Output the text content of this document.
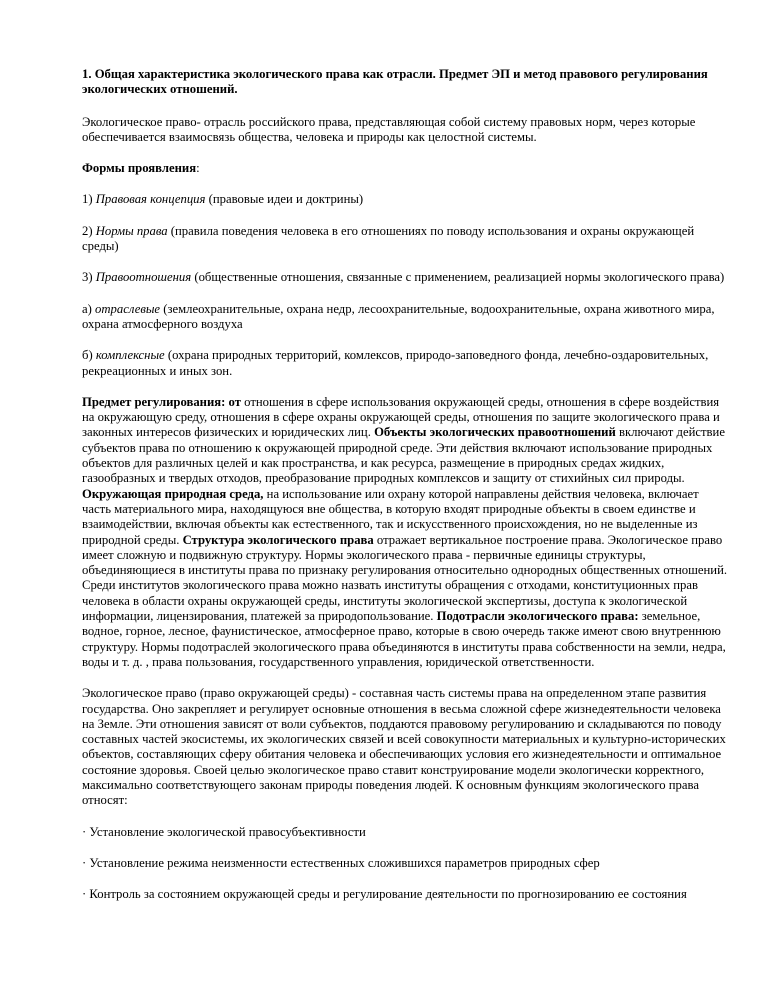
1. Общая характеристика экологического права как отрасли. Предмет ЭП и метод правового регулирования экологических отношений.

Экологическое право- отрасль российского права, представляющая собой систему правовых норм, через которые обеспечивается взаимосвязь общества, человека и природы как целостной системы.

Формы проявления:

1) Правовая концепция (правовые идеи и доктрины)

2) Нормы права (правила поведения человека в его отношениях по поводу использования и охраны окружающей среды)

3) Правоотношения (общественные отношения, связанные с применением, реализацией нормы экологического права)

а) отраслевые (землеохранительные, охрана недр, лесоохранительные, водоохранительные, охрана животного мира, охрана атмосферного воздуха

б) комплексные (охрана природных территорий, комлексов, природо-заповедного фонда, лечебно-оздаровительных, рекреационных и иных зон.

Предмет регулирования: от отношения в сфере использования окружающей среды, отношения в сфере воздействия на окружающую среду, отношения в сфере охраны окружающей среды, отношения по защите экологического права и законных интересов физических и юридических лиц. Объекты экологических правоотношений включают действие субъектов права по отношению к окружающей природной среде. Эти действия включают использование природных объектов для различных целей и как пространства, и как ресурса, размещение в природных средах жидких, газообразных и твердых отходов, преобразование природных комплексов и защиту от стихийных сил природы. Окружающая природная среда, на использование или охрану которой направлены действия человека, включает часть материального мира, находящуюся вне общества, в которую входят природные объекты в своем единстве и взаимодействии, включая объекты как естественного, так и искусственного происхождения, но не выделенные из природной среды. Структура экологического права отражает вертикальное построение права. Экологическое право имеет сложную и подвижную структуру. Нормы экологического права - первичные единицы структуры, объединяющиеся в институты права по признаку регулирования относительно однородных общественных отношений. Среди институтов экологического права можно назвать институты обращения с отходами, конституционных прав человека в области охраны окружающей среды, институты экологической экспертизы, доступа к экологической информации, лицензирования, платежей за природопользование. Подотрасли экологического права: земельное, водное, горное, лесное, фаунистическое, атмосферное право, которые в свою очередь также имеют свою внутреннюю структуру. Нормы подотраслей экологического права объединяются в институты права собственности на земли, недра, воды и т. д. , права пользования, государственного управления, юридической ответственности.

Экологическое право (право окружающей среды) - составная часть системы права на определенном этапе развития государства. Оно закрепляет и регулирует основные отношения в весьма сложной сфере жизнедеятельности человека на Земле. Эти отношения зависят от воли субъектов, поддаются правовому регулированию и складываются по поводу составных частей экосистемы, их экологических связей и всей совокупности материальных и культурно-исторических объектов, составляющих сферу обитания человека и обеспечивающих условия его жизнедеятельности и оптимальное состояние здоровья. Своей целью экологическое право ставит конструирование модели экологически корректного, максимально соответствующего законам природы поведения людей. К основным функциям экологического права относят:

· Установление экологической правосубъективности

· Установление режима неизменности естественных сложившихся параметров природных сфер

· Контроль за состоянием окружающей среды и регулирование деятельности по прогнозированию ее состояния
